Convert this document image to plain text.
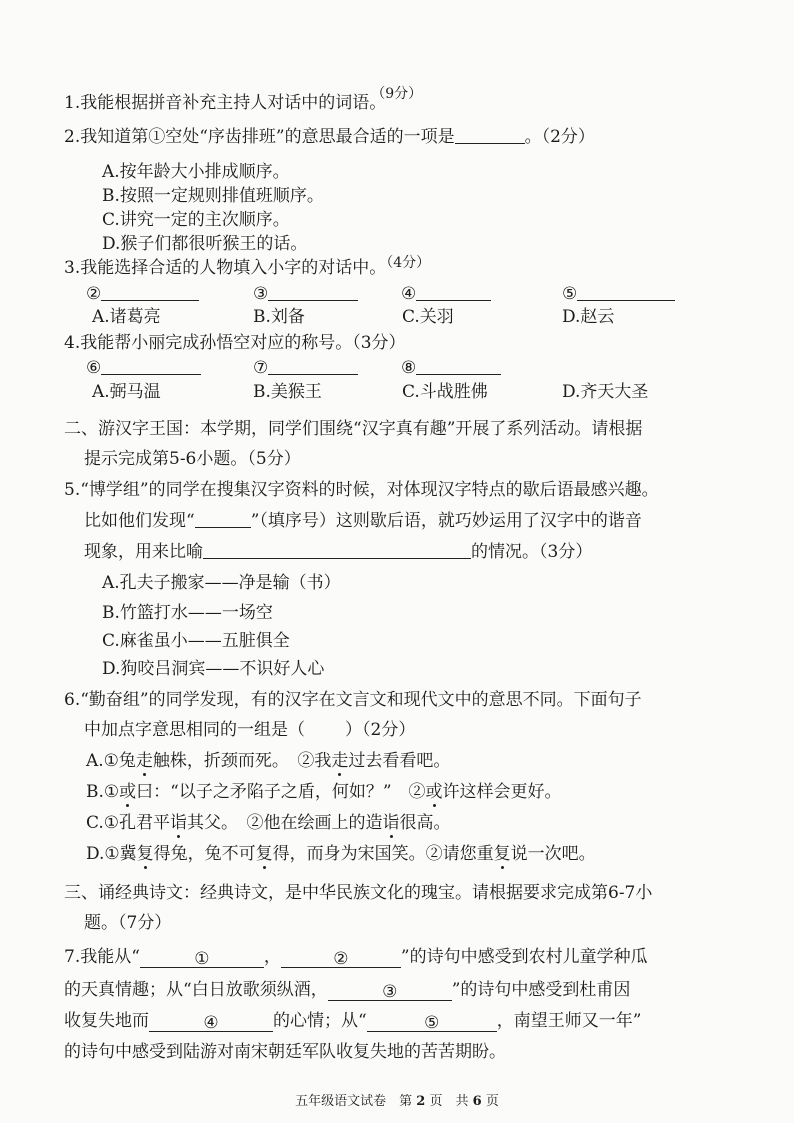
1.我能根据拼音补充主持人对话中的词语。$^{(9分)}$
2.我知道第①空处“序齿排班”的意思最合适的一项是	。（2分）
A.按年龄大小排成顺序。
B.按照一定规则排值班顺序。
C.讲究一定的主次顺序。
D.猴子们都很听猴王的话。
3.我能选择合适的人物填入小字的对话中。$^{(4分)}$
②	③	④	⑤
A.诸葛亮	B.刘备	C.关羽	D.赵云
4.我能帮小丽完成孙悟空对应的称号。（3分）
⑥	⑦	⑧
A.弼马温	B.美猴王	C.斗战胜佛	D.齐天大圣
二、游汉字王国：本学期，同学们围绕“汉字真有趣”开展了系列活动。请根据
提示完成第5-6小题。（5分）
5.“博学组”的同学在搜集汉字资料的时候，对体现汉字特点的歇后语最感兴趣。
比如他们发现“	”（填序号）这则歇后语，就巧妙运用了汉字中的谐音
现象，用来比喻	的情况。（3分）
A.孔夫子搬家——净是输（书）
B.竹篮打水——一场空
C.麻雀虽小——五脏俱全
D.狗咬吕洞宾——不识好人心
6.“勤奋组”的同学发现，有的汉字在文言文和现代文中的意思不同。下面句子
中加点字意思相同的一组是（ ）（2分）
A.①兔走触株，折颈而死。　②我走过去看看吧。
B.①或曰：“以子之矛陷子之盾，何如？”　②或许这样会更好。
C.①孔君平诣其父。　②他在绘画上的造诣很高。
D.①冀复得兔，兔不可复得，而身为宋国笑。②请您重复说一次吧。
三、诵经典诗文：经典诗文，是中华民族文化的瑰宝。请根据要求完成第6-7小
题。（7分）
7.我能从“	①	，	②	”的诗句中感受到农村儿童学种瓜
的天真情趣；从“白日放歌须纵酒，	③	”的诗句中感受到杜甫因
收复失地而	④	的心情；从“	⑤	，南望王师又一年”
的诗句中感受到陆游对南宋朝廷军队收复失地的苦苦期盼。
五年级语文试卷　第 2 页　共 6 页
